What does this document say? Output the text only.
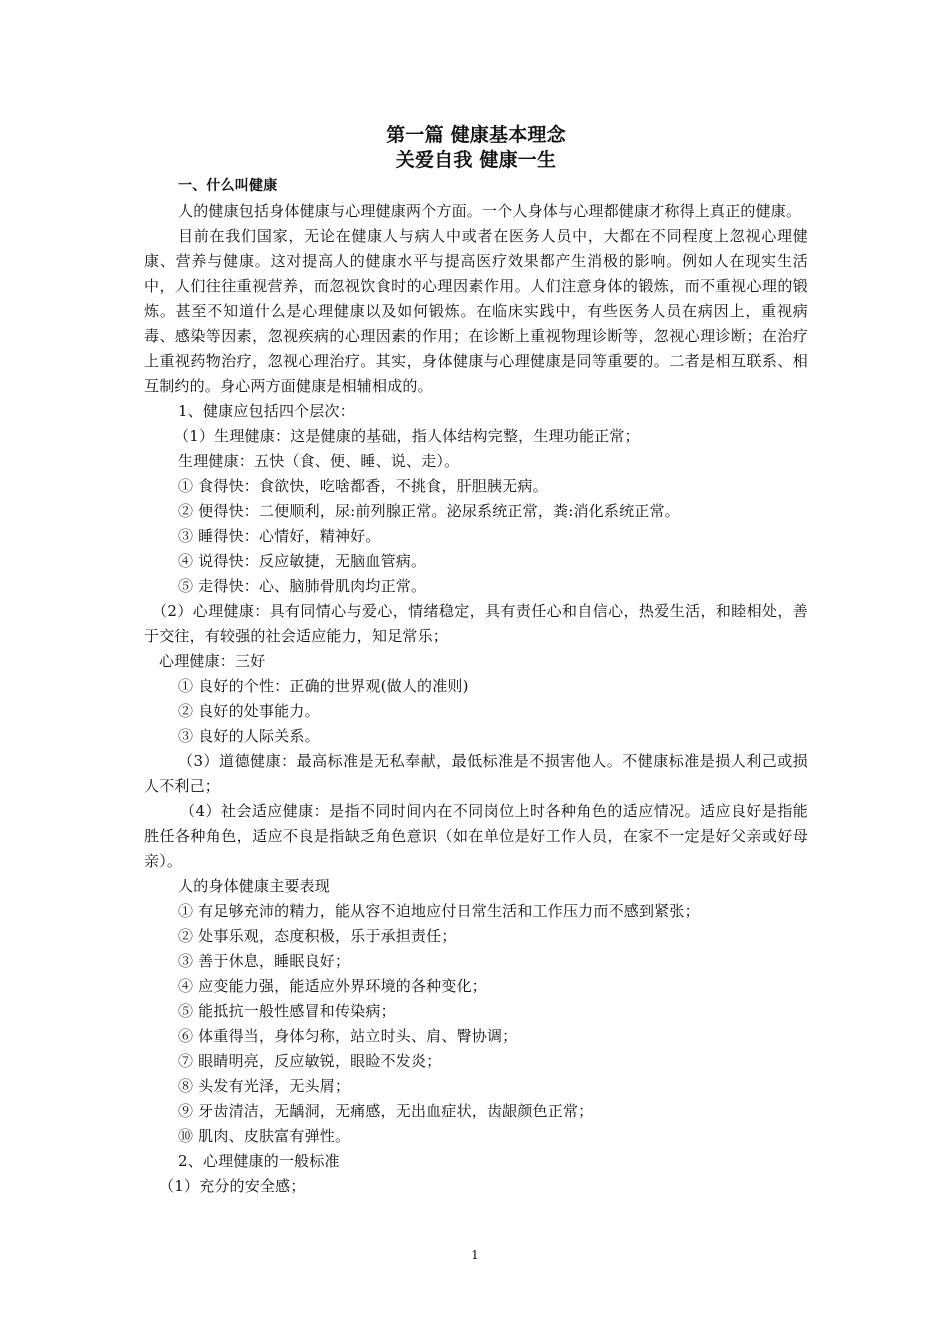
第一篇 健康基本理念

关爱自我 健康一生

一、什么叫健康

人的健康包括身体健康与心理健康两个方面。一个人身体与心理都健康才称得上真正的健康。

目前在我们国家，无论在健康人与病人中或者在医务人员中，大都在不同程度上忽视心理健康、营养与健康。这对提高人的健康水平与提高医疗效果都产生消极的影响。例如人在现实生活中，人们往往重视营养，而忽视饮食时的心理因素作用。人们注意身体的锻炼，而不重视心理的锻炼。甚至不知道什么是心理健康以及如何锻炼。在临床实践中，有些医务人员在病因上，重视病毒、感染等因素，忽视疾病的心理因素的作用；在诊断上重视物理诊断等，忽视心理诊断；在治疗上重视药物治疗，忽视心理治疗。其实，身体健康与心理健康是同等重要的。二者是相互联系、相互制约的。身心两方面健康是相辅相成的。

1、健康应包括四个层次：

（1）生理健康：这是健康的基础，指人体结构完整，生理功能正常；

生理健康：五快（食、便、睡、说、走）。

① 食得快：食欲快，吃啥都香，不挑食，肝胆胰无病。

② 便得快：二便顺利，尿:前列腺正常。泌尿系统正常，粪:消化系统正常。

③ 睡得快：心情好，精神好。

④ 说得快：反应敏捷，无脑血管病。

⑤ 走得快：心、脑肺骨肌肉均正常。

（2）心理健康：具有同情心与爱心，情绪稳定，具有责任心和自信心，热爱生活，和睦相处，善于交往，有较强的社会适应能力，知足常乐；

心理健康：三好

① 良好的个性：正确的世界观(做人的准则)

② 良好的处事能力。

③ 良好的人际关系。

（3）道德健康：最高标准是无私奉献，最低标准是不损害他人。不健康标准是损人利己或损人不利己；

（4）社会适应健康：是指不同时间内在不同岗位上时各种角色的适应情况。适应良好是指能胜任各种角色，适应不良是指缺乏角色意识（如在单位是好工作人员，在家不一定是好父亲或好母亲）。

人的身体健康主要表现

① 有足够充沛的精力，能从容不迫地应付日常生活和工作压力而不感到紧张；

② 处事乐观，态度积极，乐于承担责任；

③ 善于休息，睡眠良好；

④ 应变能力强，能适应外界环境的各种变化；

⑤ 能抵抗一般性感冒和传染病；

⑥ 体重得当，身体匀称，站立时头、肩、臀协调；

⑦ 眼睛明亮，反应敏锐，眼睑不发炎；

⑧ 头发有光泽，无头屑；

⑨ 牙齿清洁，无龋洞，无痛感，无出血症状，齿龈颜色正常；

⑩ 肌肉、皮肤富有弹性。

2、心理健康的一般标准

（1）充分的安全感；

1
